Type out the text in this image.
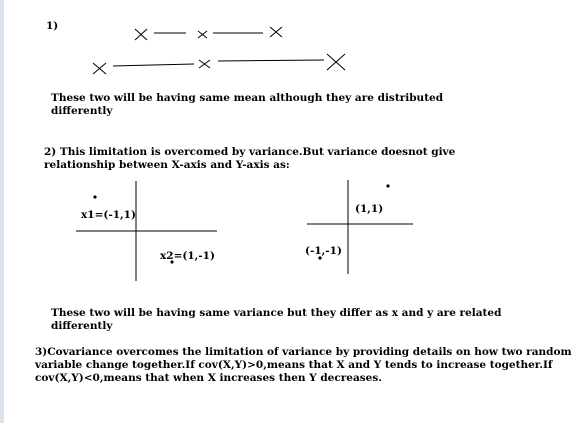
1)

These two will be having same mean although they are distributed

differently

2) This limitation is overcomed by variance.But variance doesnot give

relationship between X-axis and Y-axis as:

x1=(-1,1)
x2=(1,-1)
(1,1)
(-1,-1)

These two will be having same variance but they differ as x and y are related

differently

3)Covariance overcomes the limitation of variance by providing details on how two random

variable change together.If cov(X,Y)>0,means that X and Y tends to increase together.If

cov(X,Y)<0,means that when X increases then Y decreases.
